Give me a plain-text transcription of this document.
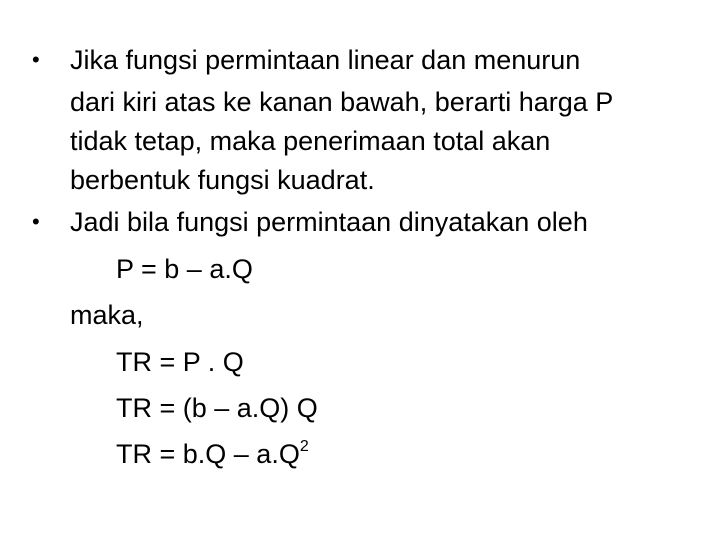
• Jika fungsi permintaan linear dan menurun
dari kiri atas ke kanan bawah, berarti harga P
tidak tetap, maka penerimaan total akan
berbentuk fungsi kuadrat.
• Jadi bila fungsi permintaan dinyatakan oleh
P = b – a.Q
maka,
TR = P . Q
TR = (b – a.Q) Q
TR = $b.Q - a.Q^2$
